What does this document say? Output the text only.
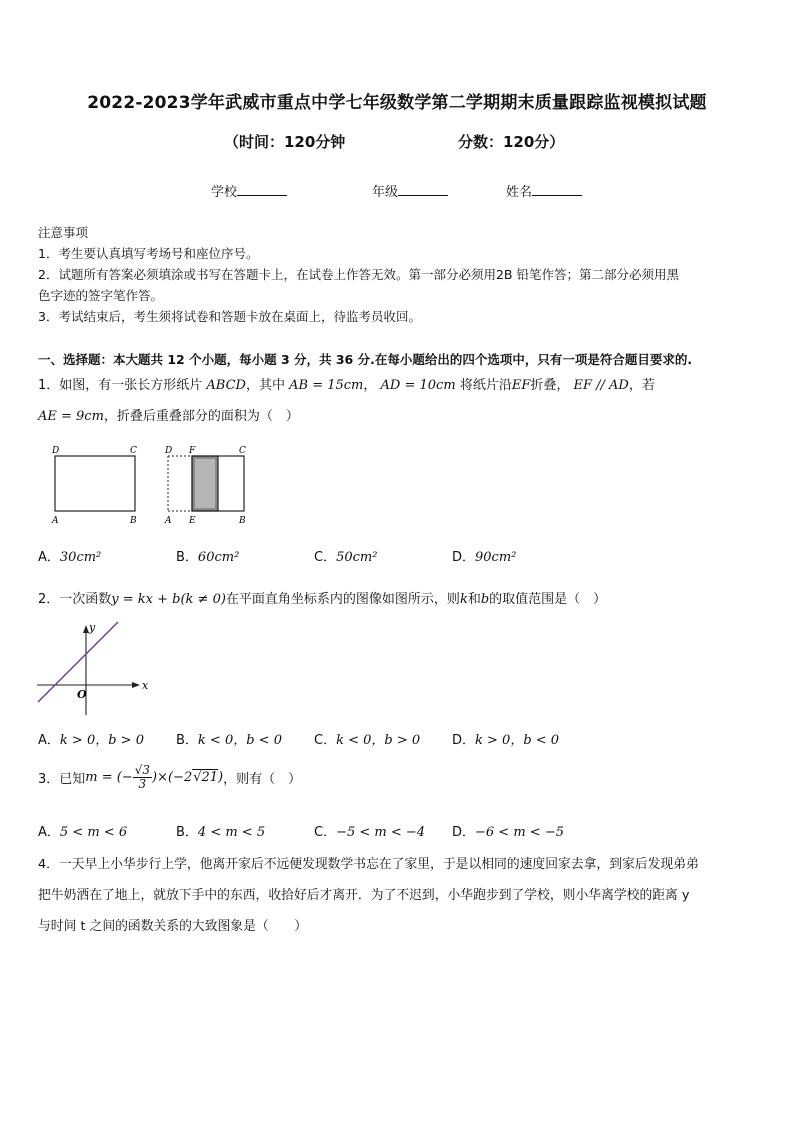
2022-2023学年武威市重点中学七年级数学第二学期期末质量跟踪监视模拟试题
（时间：120分钟	分数：120分）
学校	年级	姓名
注意事项
1．考生要认真填写考场号和座位序号。
2．试题所有答案必须填涂或书写在答题卡上，在试卷上作答无效。第一部分必须用2B 铅笔作答；第二部分必须用黑
色字迹的签字笔作答。
3．考试结束后，考生须将试卷和答题卡放在桌面上，待监考员收回。
一、选择题：本大题共 12 个小题，每小题 3 分，共 36 分.在每小题给出的四个选项中，只有一项是符合题目要求的.
1．如图，有一张长方形纸片 ABCD，其中 AB = 15cm， AD = 10cm 将纸片沿EF折叠， EF // AD，若
AE = 9cm，折叠后重叠部分的面积为（　）
D	C
A	B
D F	C
A E	B
A．30cm²	B．60cm²	C．50cm²	D．90cm²
2．一次函数y = kx + b(k ≠ 0)在平面直角坐标系内的图像如图所示，则k和b的取值范围是（　）
y
x
O
A．k > 0，b > 0 B．k < 0，b < 0 C．k < 0，b > 0 D．k > 0，b < 0
3．已知m = (− $\frac{√3}{3} )\times(-2√21)$，则有（　）
A．5 < m < 6	B．4 < m < 5	C．−5 < m < −4 D．−6 < m < −5
4．一天早上小华步行上学，他离开家后不远便发现数学书忘在了家里，于是以相同的速度回家去拿，到家后发现弟弟
把牛奶洒在了地上，就放下手中的东西，收拾好后才离开．为了不迟到，小华跑步到了学校，则小华离学校的距离 y
与时间 t 之间的函数关系的大致图象是（　　）
